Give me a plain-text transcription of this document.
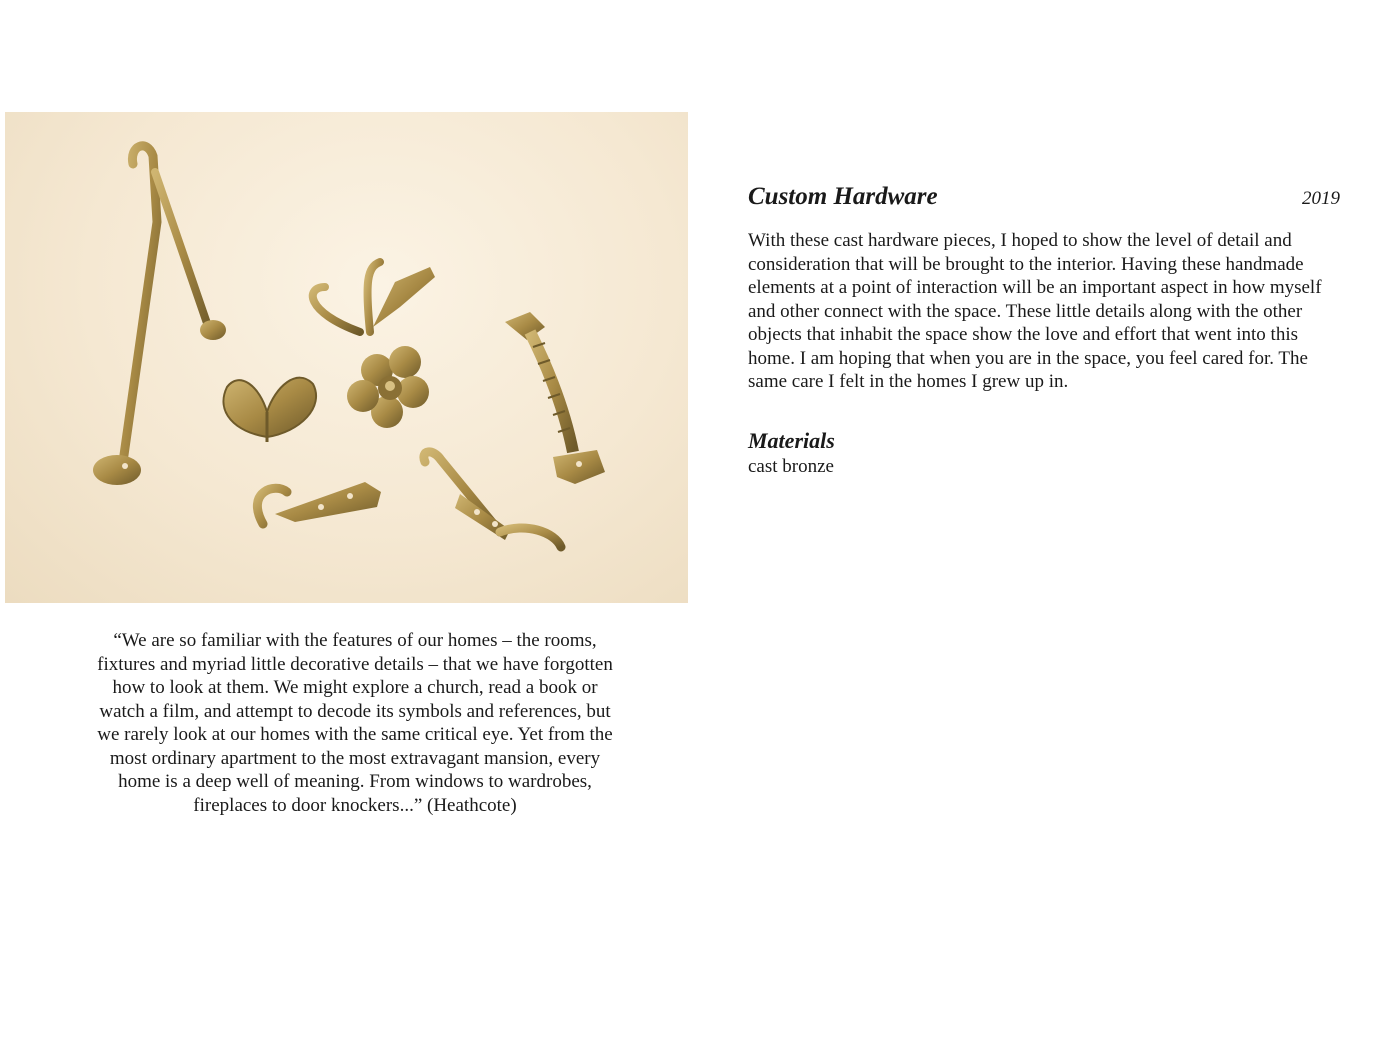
“We are so familiar with the features of our homes – the rooms, fixtures and myriad little decorative details – that we have forgotten how to look at them. We might explore a church, read a book or watch a film, and attempt to decode its symbols and references, but we rarely look at our homes with the same critical eye. Yet from the most ordinary apartment to the most extravagant mansion, every home is a deep well of meaning. From windows to wardrobes, fireplaces to door knockers...” (Heathcote)

Custom Hardware	2019

With these cast hardware pieces, I hoped to show the level of detail and consideration that will be brought to the interior. Having these handmade elements at a point of interaction will be an important aspect in how myself and other connect with the space. These little details along with the other objects that inhabit the space show the love and effort that went into this home. I am hoping that when you are in the space, you feel cared for. The same care I felt in the homes I grew up in.

Materials
cast bronze
